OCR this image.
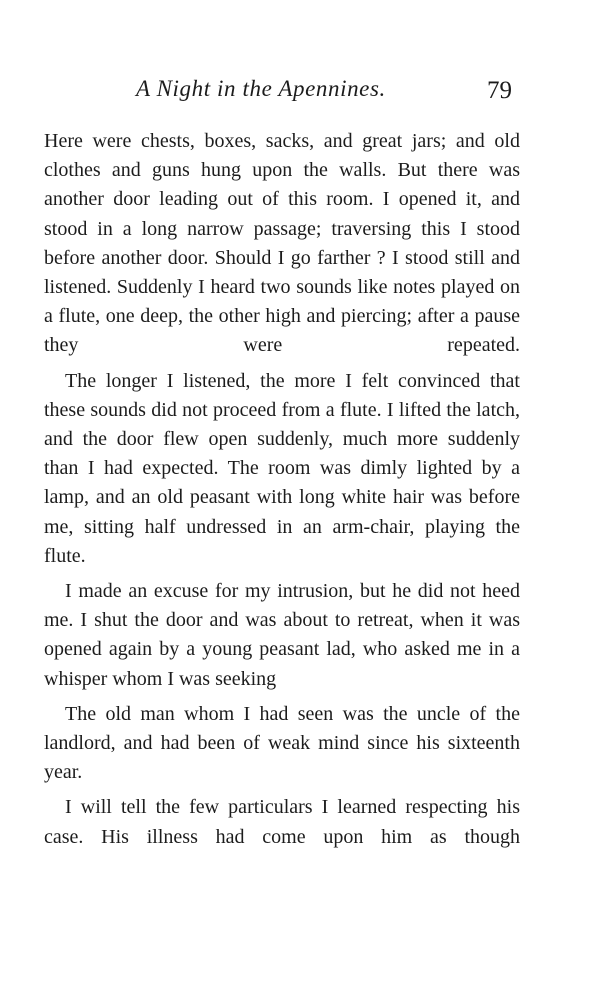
A Night in the Apennines.	79

Here were chests, boxes, sacks, and great jars; and old clothes and guns hung upon the walls. But there was another door leading out of this room. I opened it, and stood in a long narrow passage; traversing this I stood before another door. Should I go farther ? I stood still and listened. Suddenly I heard two sounds like notes played on a flute, one deep, the other high and piercing; after a pause they were repeated.

The longer I listened, the more I felt convinced that these sounds did not proceed from a flute. I lifted the latch, and the door flew open suddenly, much more suddenly than I had expected. The room was dimly lighted by a lamp, and an old peasant with long white hair was before me, sitting half undressed in an arm-chair, playing the flute.

I made an excuse for my intrusion, but he did not heed me. I shut the door and was about to retreat, when it was opened again by a young peasant lad, who asked me in a whisper whom I was seeking

The old man whom I had seen was the uncle of the landlord, and had been of weak mind since his sixteenth year.

I will tell the few particulars I learned respecting his case. His illness had come upon him as though
